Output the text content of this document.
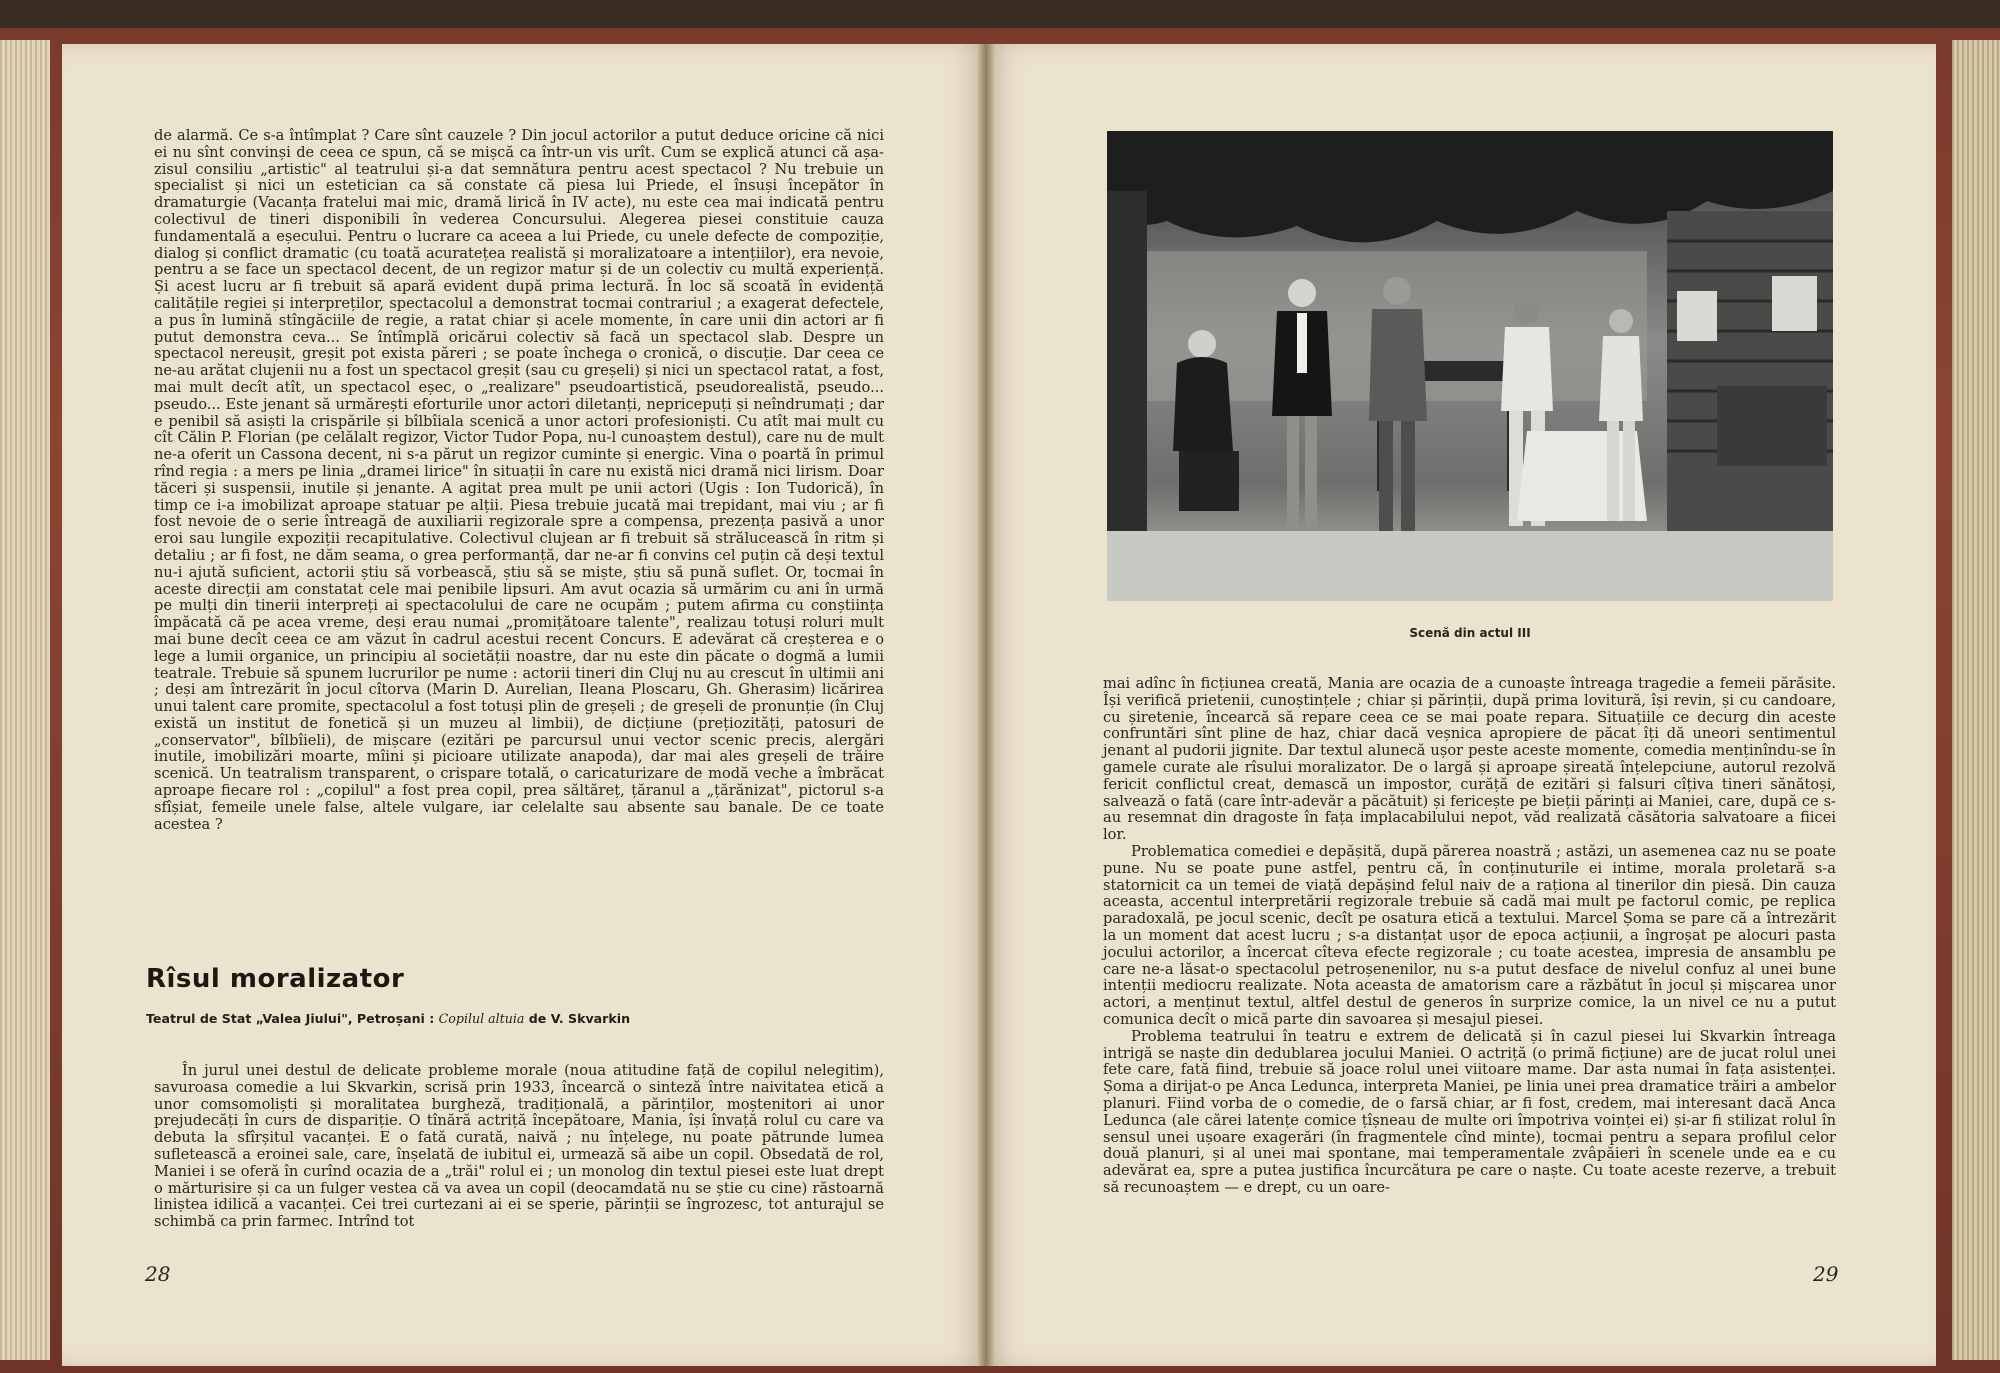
de alarmă. Ce s-a întîmplat ? Care sînt cauzele ? Din jocul actorilor a putut deduce oricine că nici ei nu sînt convinși de ceea ce spun, că se mișcă ca într-un vis urît. Cum se explică atunci că așa-zisul consiliu „artistic" al teatrului și-a dat semnătura pentru acest spectacol ? Nu trebuie un specialist și nici un estetician ca să constate că piesa lui Priede, el însuși începător în dramaturgie (Vacanța fratelui mai mic, dramă lirică în IV acte), nu este cea mai indicată pentru colectivul de tineri disponibili în vederea Concursului. Alegerea piesei constituie cauza fundamentală a eșecului. Pentru o lucrare ca aceea a lui Priede, cu unele defecte de compoziție, dialog și conflict dramatic (cu toată acuratețea realistă și moralizatoare a intențiilor), era nevoie, pentru a se face un spectacol decent, de un regizor matur și de un colectiv cu multă experiență. Și acest lucru ar fi trebuit să apară evident după prima lectură. În loc să scoată în evidență calitățile regiei și interpreților, spectacolul a demonstrat tocmai contrariul ; a exagerat defectele, a pus în lumină stîngăciile de regie, a ratat chiar și acele momente, în care unii din actori ar fi putut demonstra ceva... Se întîmplă oricărui colectiv să facă un spectacol slab. Despre un spectacol nereușit, greșit pot exista păreri ; se poate închega o cronică, o discuție. Dar ceea ce ne-au arătat clujenii nu a fost un spectacol greșit (sau cu greșeli) și nici un spectacol ratat, a fost, mai mult decît atît, un spectacol eșec, o „realizare" pseudoartistică, pseudorealistă, pseudo... pseudo... Este jenant să urmărești eforturile unor actori diletanți, nepricepuți și neîndrumați ; dar e penibil să asiști la crispările și bîlbîiala scenică a unor actori profesioniști. Cu atît mai mult cu cît Călin P. Florian (pe celălalt regizor, Victor Tudor Popa, nu-l cunoaștem destul), care nu de mult ne-a oferit un Cassona decent, ni s-a părut un regizor cuminte și energic. Vina o poartă în primul rînd regia : a mers pe linia „dramei lirice" în situații în care nu există nici dramă nici lirism. Doar tăceri și suspensii, inutile și jenante. A agitat prea mult pe unii actori (Ugis : Ion Tudorică), în timp ce i-a imobilizat aproape statuar pe alții. Piesa trebuie jucată mai trepidant, mai viu ; ar fi fost nevoie de o serie întreagă de auxiliarii regizorale spre a compensa, prezența pasivă a unor eroi sau lungile expoziții recapitulative. Colectivul clujean ar fi trebuit să strălucească în ritm și detaliu ; ar fi fost, ne dăm seama, o grea performanță, dar ne-ar fi convins cel puțin că deși textul nu-i ajută suficient, actorii știu să vorbească, știu să se miște, știu să pună suflet. Or, tocmai în aceste direcții am constatat cele mai penibile lipsuri. Am avut ocazia să urmărim cu ani în urmă pe mulți din tinerii interpreți ai spectacolului de care ne ocupăm ; putem afirma cu conștiința împăcată că pe acea vreme, deși erau numai „promițătoare talente", realizau totuși roluri mult mai bune decît ceea ce am văzut în cadrul acestui recent Concurs. E adevărat că creșterea e o lege a lumii organice, un principiu al societății noastre, dar nu este din păcate o dogmă a lumii teatrale. Trebuie să spunem lucrurilor pe nume : actorii tineri din Cluj nu au crescut în ultimii ani ; deși am întrezărit în jocul cîtorva (Marin D. Aurelian, Ileana Ploscaru, Gh. Gherasim) licărirea unui talent care promite, spectacolul a fost totuși plin de greșeli ; de greșeli de pronunție (în Cluj există un institut de fonetică și un muzeu al limbii), de dicțiune (prețiozități, patosuri de „conservator", bîlbîieli), de mișcare (ezitări pe parcursul unui vector scenic precis, alergări inutile, imobilizări moarte, mîini și picioare utilizate anapoda), dar mai ales greșeli de trăire scenică. Un teatralism transparent, o crispare totală, o caricaturizare de modă veche a îmbrăcat aproape fiecare rol : „copilul" a fost prea copil, prea săltăreț, țăranul a „țărănizat", pictorul s-a sfîșiat, femeile unele false, altele vulgare, iar celelalte sau absente sau banale. De ce toate acestea ?

Rîsul moralizator
Teatrul de Stat „Valea Jiului", Petroșani : Copilul altuia de V. Skvarkin

În jurul unei destul de delicate probleme morale (noua atitudine față de copilul nelegitim), savuroasa comedie a lui Skvarkin, scrisă prin 1933, încearcă o sinteză între naivitatea etică a unor comsomoliști și moralitatea burgheză, tradițională, a părinților, moștenitori ai unor prejudecăți în curs de dispariție. O tînără actriță începătoare, Mania, își învață rolul cu care va debuta la sfîrșitul vacanței. E o fată curată, naivă ; nu înțelege, nu poate pătrunde lumea sufletească a eroinei sale, care, înșelată de iubitul ei, urmează să aibe un copil. Obsedată de rol, Maniei i se oferă în curînd ocazia de a „trăi" rolul ei ; un monolog din textul piesei este luat drept o mărturisire și ca un fulger vestea că va avea un copil (deocamdată nu se știe cu cine) răstoarnă liniștea idilică a vacanței. Cei trei curtezani ai ei se sperie, părinții se îngrozesc, tot anturajul se schimbă ca prin farmec. Intrînd tot

28
Scenă din actul III

mai adînc în ficțiunea creată, Mania are ocazia de a cunoaște întreaga tragedie a femeii părăsite. Își verifică prietenii, cunoștințele ; chiar și părinții, după prima lovitură, își revin, și cu candoare, cu șiretenie, încearcă să repare ceea ce se mai poate repara. Situațiile ce decurg din aceste confruntări sînt pline de haz, chiar dacă veșnica apropiere de păcat îți dă uneori sentimentul jenant al pudorii jignite. Dar textul alunecă ușor peste aceste momente, comedia menținîndu-se în gamele curate ale rîsului moralizator. De o largă și aproape șireată înțelepciune, autorul rezolvă fericit conflictul creat, demască un impostor, curăță de ezitări și falsuri cîțiva tineri sănătoși, salvează o fată (care într-adevăr a păcătuit) și fericește pe bieții părinți ai Maniei, care, după ce s-au resemnat din dragoste în fața implacabilului nepot, văd realizată căsătoria salvatoare a fiicei lor.

Problematica comediei e depășită, după părerea noastră ; astăzi, un asemenea caz nu se poate pune. Nu se poate pune astfel, pentru că, în conținuturile ei intime, morala proletară s-a statornicit ca un temei de viață depășind felul naiv de a raționa al tinerilor din piesă. Din cauza aceasta, accentul interpretării regizorale trebuie să cadă mai mult pe factorul comic, pe replica paradoxală, pe jocul scenic, decît pe osatura etică a textului. Marcel Șoma se pare că a întrezărit la un moment dat acest lucru ; s-a distanțat ușor de epoca acțiunii, a îngroșat pe alocuri pasta jocului actorilor, a încercat cîteva efecte regizorale ; cu toate acestea, impresia de ansamblu pe care ne-a lăsat-o spectacolul petroșenenilor, nu s-a putut desface de nivelul confuz al unei bune intenții mediocru realizate. Nota aceasta de amatorism care a răzbătut în jocul și mișcarea unor actori, a menținut textul, altfel destul de generos în surprize comice, la un nivel ce nu a putut comunica decît o mică parte din savoarea și mesajul piesei.

Problema teatrului în teatru e extrem de delicată și în cazul piesei lui Skvarkin întreaga intrigă se naște din dedublarea jocului Maniei. O actriță (o primă ficțiune) are de jucat rolul unei fete care, fată fiind, trebuie să joace rolul unei viitoare mame. Dar asta numai în fața asistenței. Șoma a dirijat-o pe Anca Ledunca, interpreta Maniei, pe linia unei prea dramatice trăiri a ambelor planuri. Fiind vorba de o comedie, de o farsă chiar, ar fi fost, credem, mai interesant dacă Anca Ledunca (ale cărei latențe comice țîșneau de multe ori împotriva voinței ei) și-ar fi stilizat rolul în sensul unei ușoare exagerări (în fragmentele cînd minte), tocmai pentru a separa profilul celor două planuri, și al unei mai spontane, mai temperamentale zvâpăieri în scenele unde ea e cu adevărat ea, spre a putea justifica încurcătura pe care o naște. Cu toate aceste rezerve, a trebuit să recunoaștem — e drept, cu un oare-

29
